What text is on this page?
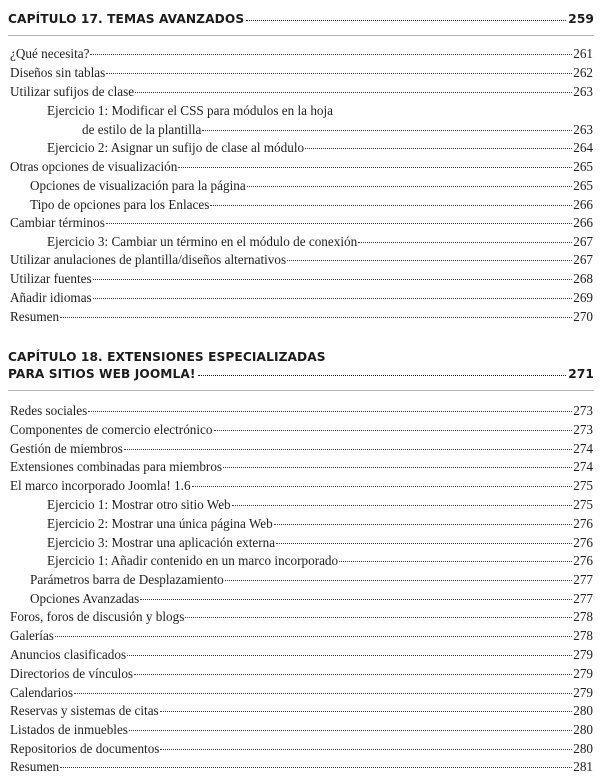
CAPÍTULO 17. TEMAS AVANZADOS	259
¿Qué necesita?	261
Diseños sin tablas	262
Utilizar sufijos de clase	263
Ejercicio 1: Modificar el CSS para módulos en la hoja
de estilo de la plantilla	263
Ejercicio 2: Asignar un sufijo de clase al módulo	264
Otras opciones de visualización	265
Opciones de visualización para la página	265
Tipo de opciones para los Enlaces	266
Cambiar términos	266
Ejercicio 3: Cambiar un término en el módulo de conexión	267
Utilizar anulaciones de plantilla/diseños alternativos	267
Utilizar fuentes	268
Añadir idiomas	269
Resumen	270
CAPÍTULO 18. EXTENSIONES ESPECIALIZADAS
PARA SITIOS WEB JOOMLA!	271
Redes sociales	273
Componentes de comercio electrónico	273
Gestión de miembros	274
Extensiones combinadas para miembros	274
El marco incorporado Joomla! 1.6	275
Ejercicio 1: Mostrar otro sitio Web	275
Ejercicio 2: Mostrar una única página Web	276
Ejercicio 3: Mostrar una aplicación externa	276
Ejercicio 1: Añadir contenido en un marco incorporado	276
Parámetros barra de Desplazamiento	277
Opciones Avanzadas	277
Foros, foros de discusión y blogs	278
Galerías	278
Anuncios clasificados	279
Directorios de vínculos	279
Calendarios	279
Reservas y sistemas de citas	280
Listados de inmuebles	280
Repositorios de documentos	280
Resumen	281
